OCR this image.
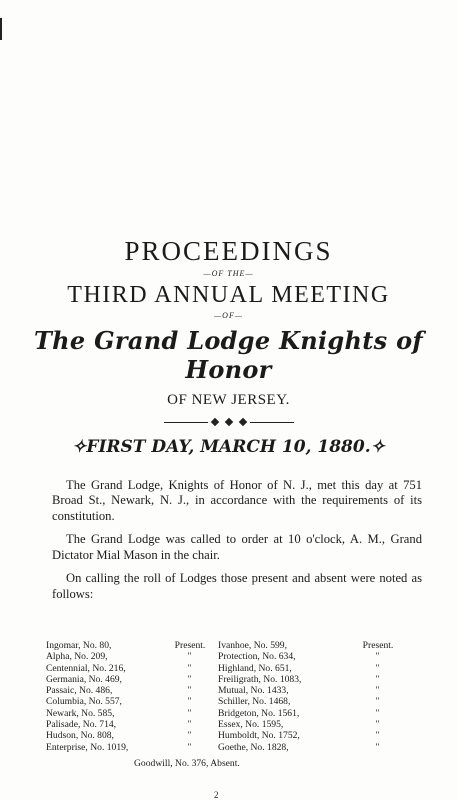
PROCEEDINGS
—OF THE—
THIRD ANNUAL MEETING
—OF—
The Grand Lodge Knights of Honor
OF NEW JERSEY.
✧FIRST DAY, MARCH 10, 1880.✧

The Grand Lodge, Knights of Honor of N. J., met this day at 751 Broad St., Newark, N. J., in accordance with the requirements of its constitution.

The Grand Lodge was called to order at 10 o'clock, A. M., Grand Dictator Mial Mason in the chair.

On calling the roll of Lodges those present and absent were noted as follows:

Ingomar, No. 80,
Alpha, No. 209,
Centennial, No. 216,
Germania, No. 469,
Passaic, No. 486,
Columbia, No. 557,
Newark, No. 585,
Palisade, No. 714,
Hudson, No. 808,
Enterprise, No. 1019,
Present.
"
"
"
"
"
"
"
"
"
Ivanhoe, No. 599,
Protection, No. 634,
Highland, No. 651,
Freiligrath, No. 1083,
Mutual, No. 1433,
Schiller, No. 1468,
Bridgeton, No. 1561,
Essex, No. 1595,
Humboldt, No. 1752,
Goethe, No. 1828,
Present.
"
"
"
"
"
"
"
"
"
Goodwill, No. 376, Absent.
2
